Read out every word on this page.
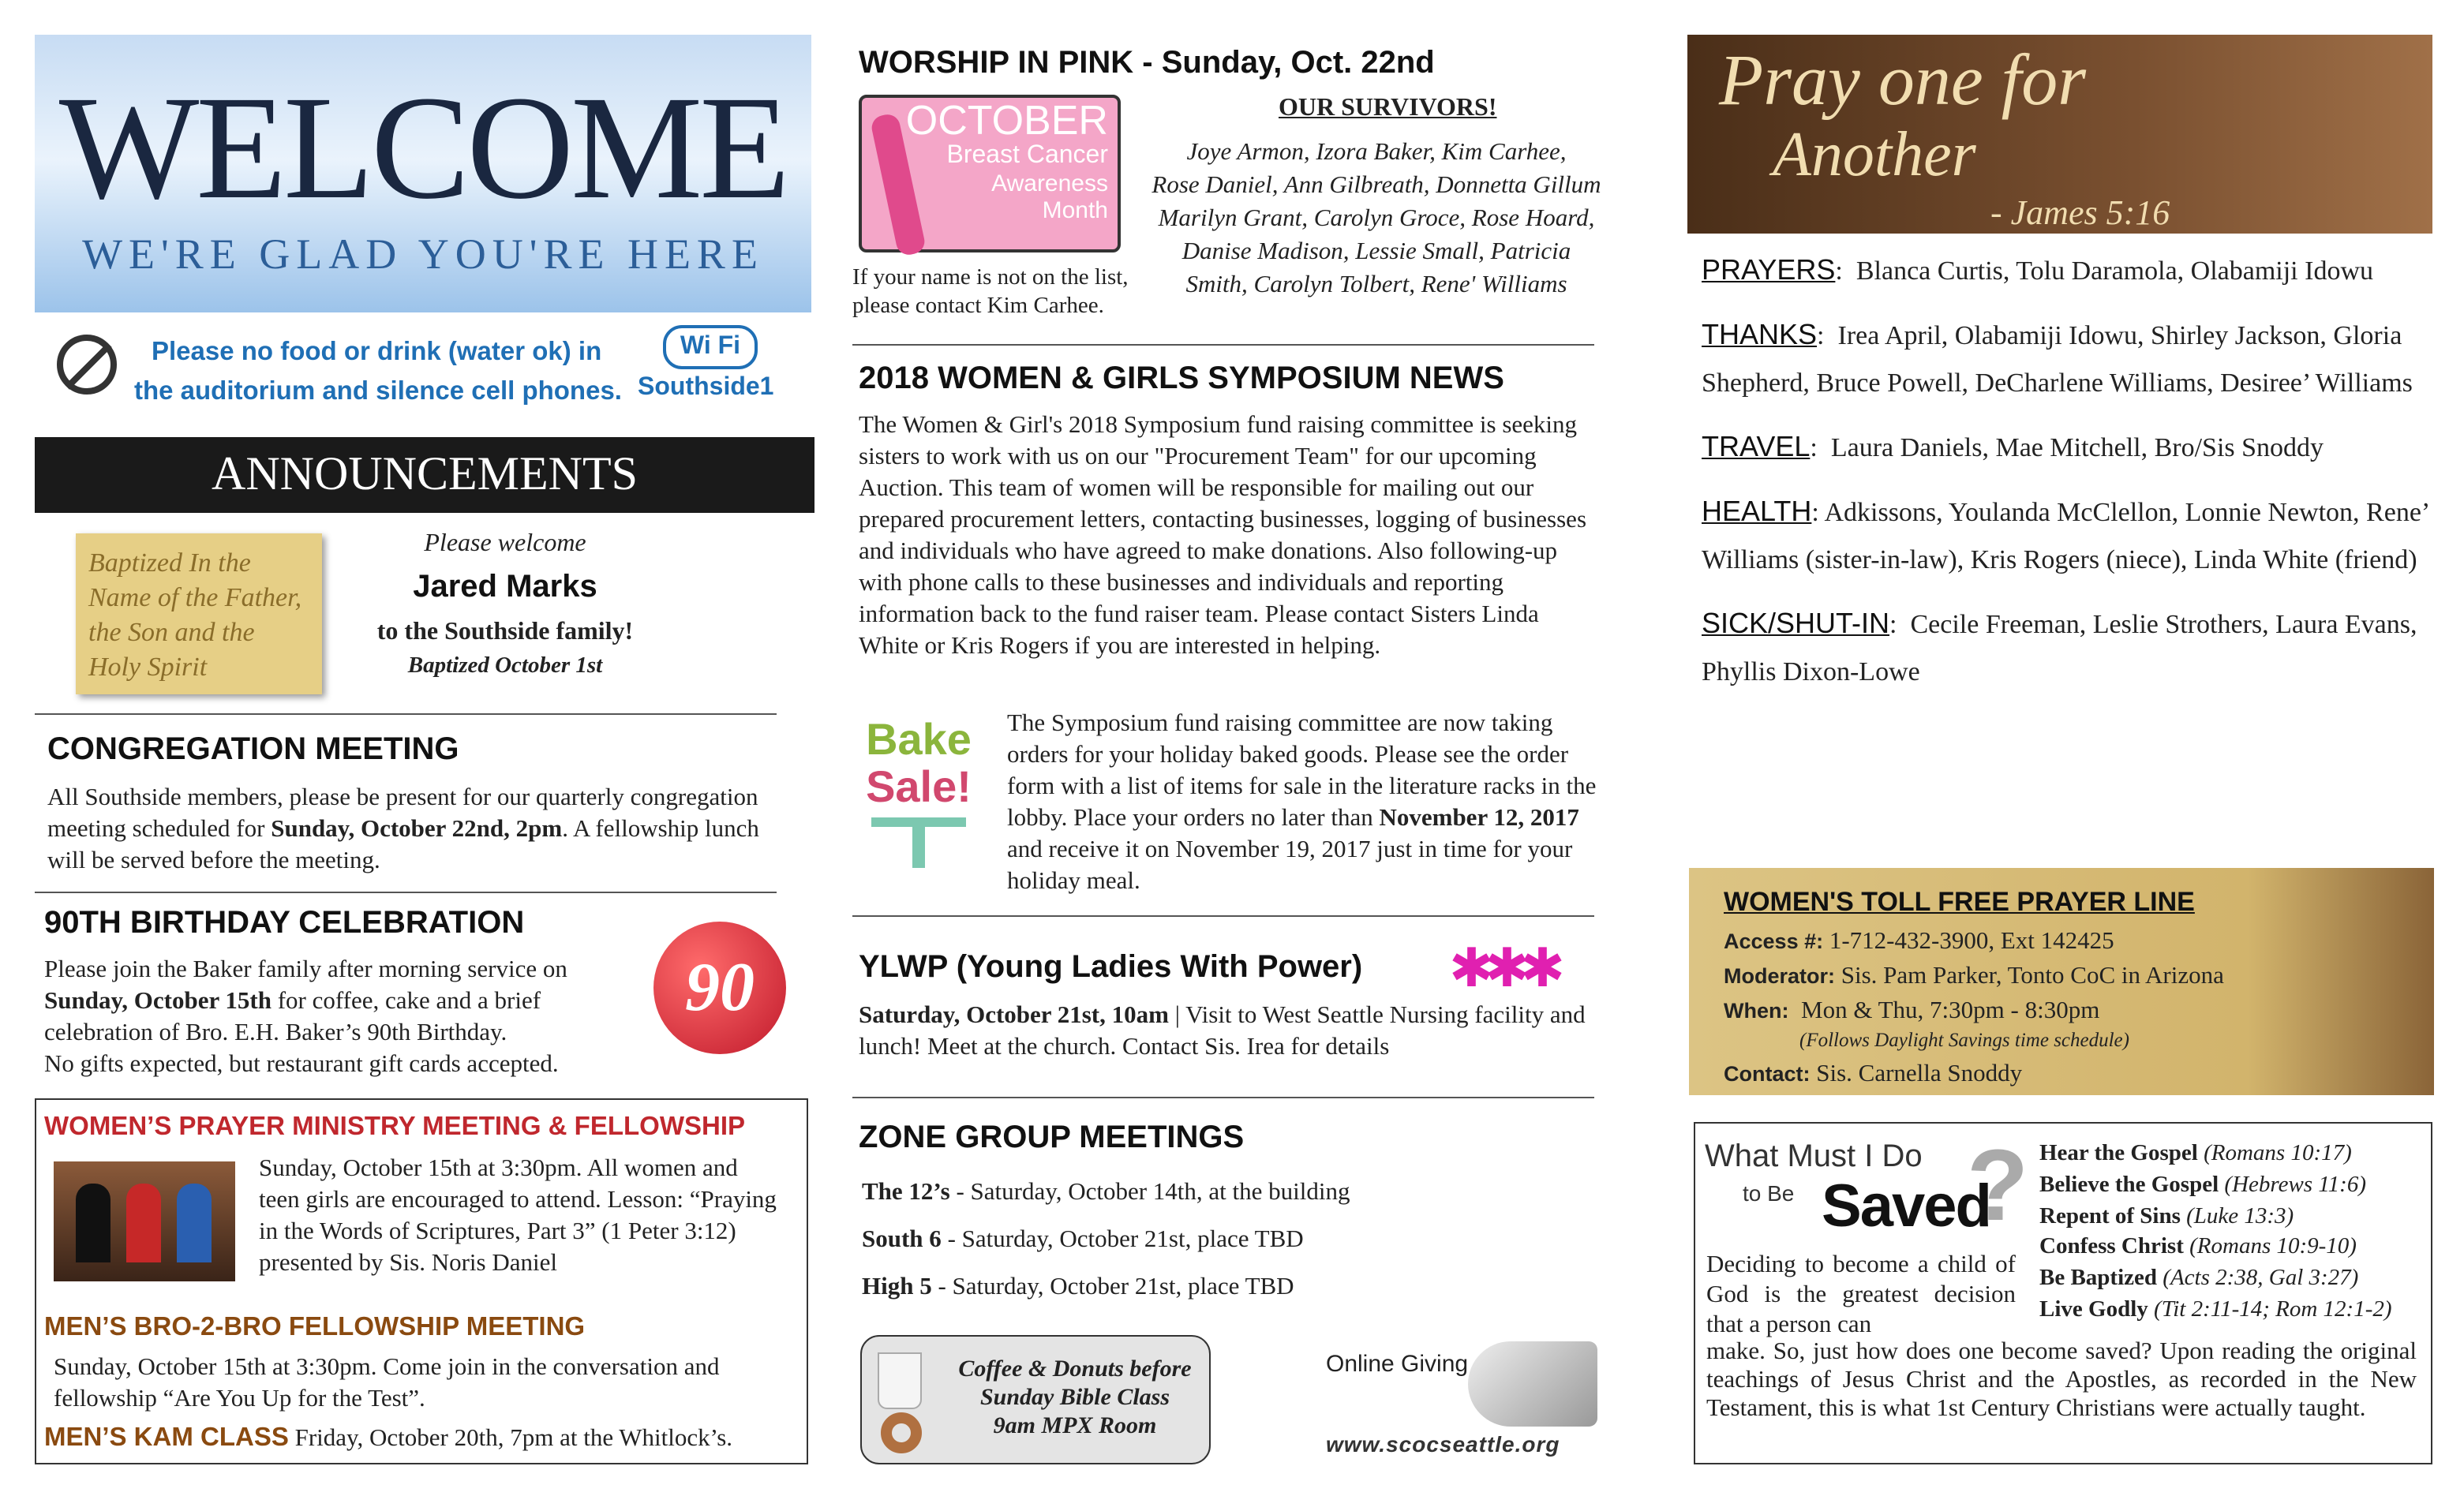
WELCOME
WE'RE GLAD YOU'RE HERE
Please no food or drink (water ok) in
the auditorium and silence cell phones.
Wi Fi
Southside1
ANNOUNCEMENTS
Baptized In the Name of the Father, the Son and the Holy Spirit
Please welcome
Jared Marks
to the Southside family!
Baptized October 1st
CONGREGATION MEETING
All Southside members, please be present for our quarterly congregation meeting scheduled for Sunday, October 22nd, 2pm. A fellowship lunch will be served before the meeting.
90TH BIRTHDAY CELEBRATION
Please join the Baker family after morning service on Sunday, October 15th for coffee, cake and a brief celebration of Bro. E.H. Baker’s 90th Birthday.
No gifts expected, but restaurant gift cards accepted.
90
WOMEN’S PRAYER MINISTRY MEETING & FELLOWSHIP
Sunday, October 15th at 3:30pm. All women and teen girls are encouraged to attend. Lesson: “Praying in the Words of Scriptures, Part 3” (1 Peter 3:12) presented by Sis. Noris Daniel
MEN’S BRO-2-BRO FELLOWSHIP MEETING
Sunday, October 15th at 3:30pm. Come join in the conversation and fellowship “Are You Up for the Test”.
MEN’S KAM CLASS Friday, October 20th, 7pm at the Whitlock’s.
WORSHIP IN PINK - Sunday, Oct. 22nd
OCTOBER
Breast Cancer
Awareness
Month
If your name is not on the list, please contact Kim Carhee.
OUR SURVIVORS!
Joye Armon, Izora Baker, Kim Carhee,
Rose Daniel, Ann Gilbreath, Donnetta Gillum
Marilyn Grant, Carolyn Groce, Rose Hoard,
Danise Madison, Lessie Small, Patricia
Smith, Carolyn Tolbert, Rene' Williams
2018 WOMEN & GIRLS SYMPOSIUM NEWS
The Women & Girl's 2018 Symposium fund raising committee is seeking sisters to work with us on our "Procurement Team" for our upcoming Auction. This team of women will be responsible for mailing out our prepared procurement letters, contacting businesses, logging of businesses and individuals who have agreed to make donations. Also following-up with phone calls to these businesses and individuals and reporting information back to the fund raiser team. Please contact Sisters Linda White or Kris Rogers if you are interested in helping.
Bake
Sale!
The Symposium fund raising committee are now taking orders for your holiday baked goods. Please see the order form with a list of items for sale in the literature racks in the lobby. Place your orders no later than November 12, 2017 and receive it on November 19, 2017 just in time for your holiday meal.
YLWP (Young Ladies With Power)	✱✱✱
Saturday, October 21st, 10am | Visit to West Seattle Nursing facility and lunch! Meet at the church. Contact Sis. Irea for details
ZONE GROUP MEETINGS
The 12’s - Saturday, October 14th, at the building
South 6 - Saturday, October 21st, place TBD
High 5 - Saturday, October 21st, place TBD
Coffee & Donuts before
Sunday Bible Class
9am MPX Room
Online Giving
www.scocseattle.org
Pray one for
Another
- James 5:16
PRAYERS:  Blanca Curtis, Tolu Daramola, Olabamiji Idowu
THANKS:  Irea April, Olabamiji Idowu, Shirley Jackson, Gloria Shepherd, Bruce Powell, DeCharlene Williams, Desiree’ Williams
TRAVEL:  Laura Daniels, Mae Mitchell, Bro/Sis Snoddy
HEALTH: Adkissons, Youlanda McClellon, Lonnie Newton, Rene’ Williams (sister-in-law), Kris Rogers (niece), Linda White (friend)
SICK/SHUT-IN:  Cecile Freeman, Leslie Strothers, Laura Evans, Phyllis Dixon-Lowe
WOMEN'S TOLL FREE PRAYER LINE
Access #: 1-712-432-3900, Ext 142425
Moderator: Sis. Pam Parker, Tonto CoC in Arizona
When: Mon & Thu, 7:30pm - 8:30pm
(Follows Daylight Savings time schedule)
Contact: Sis. Carnella Snoddy
What Must I Do
to Be Saved
? Hear the Gospel (Romans 10:17)
Believe the Gospel (Hebrews 11:6)
Repent of Sins (Luke 13:3)
Confess Christ (Romans 10:9-10)
Be Baptized (Acts 2:38, Gal 3:27)
Live Godly (Tit 2:11-14; Rom 12:1-2)
Deciding to become a child of God is the greatest decision that a person can
make. So, just how does one become saved? Upon reading the original teachings of Jesus Christ and the Apostles, as recorded in the New Testament, this is what 1st Century Christians were actually taught.
